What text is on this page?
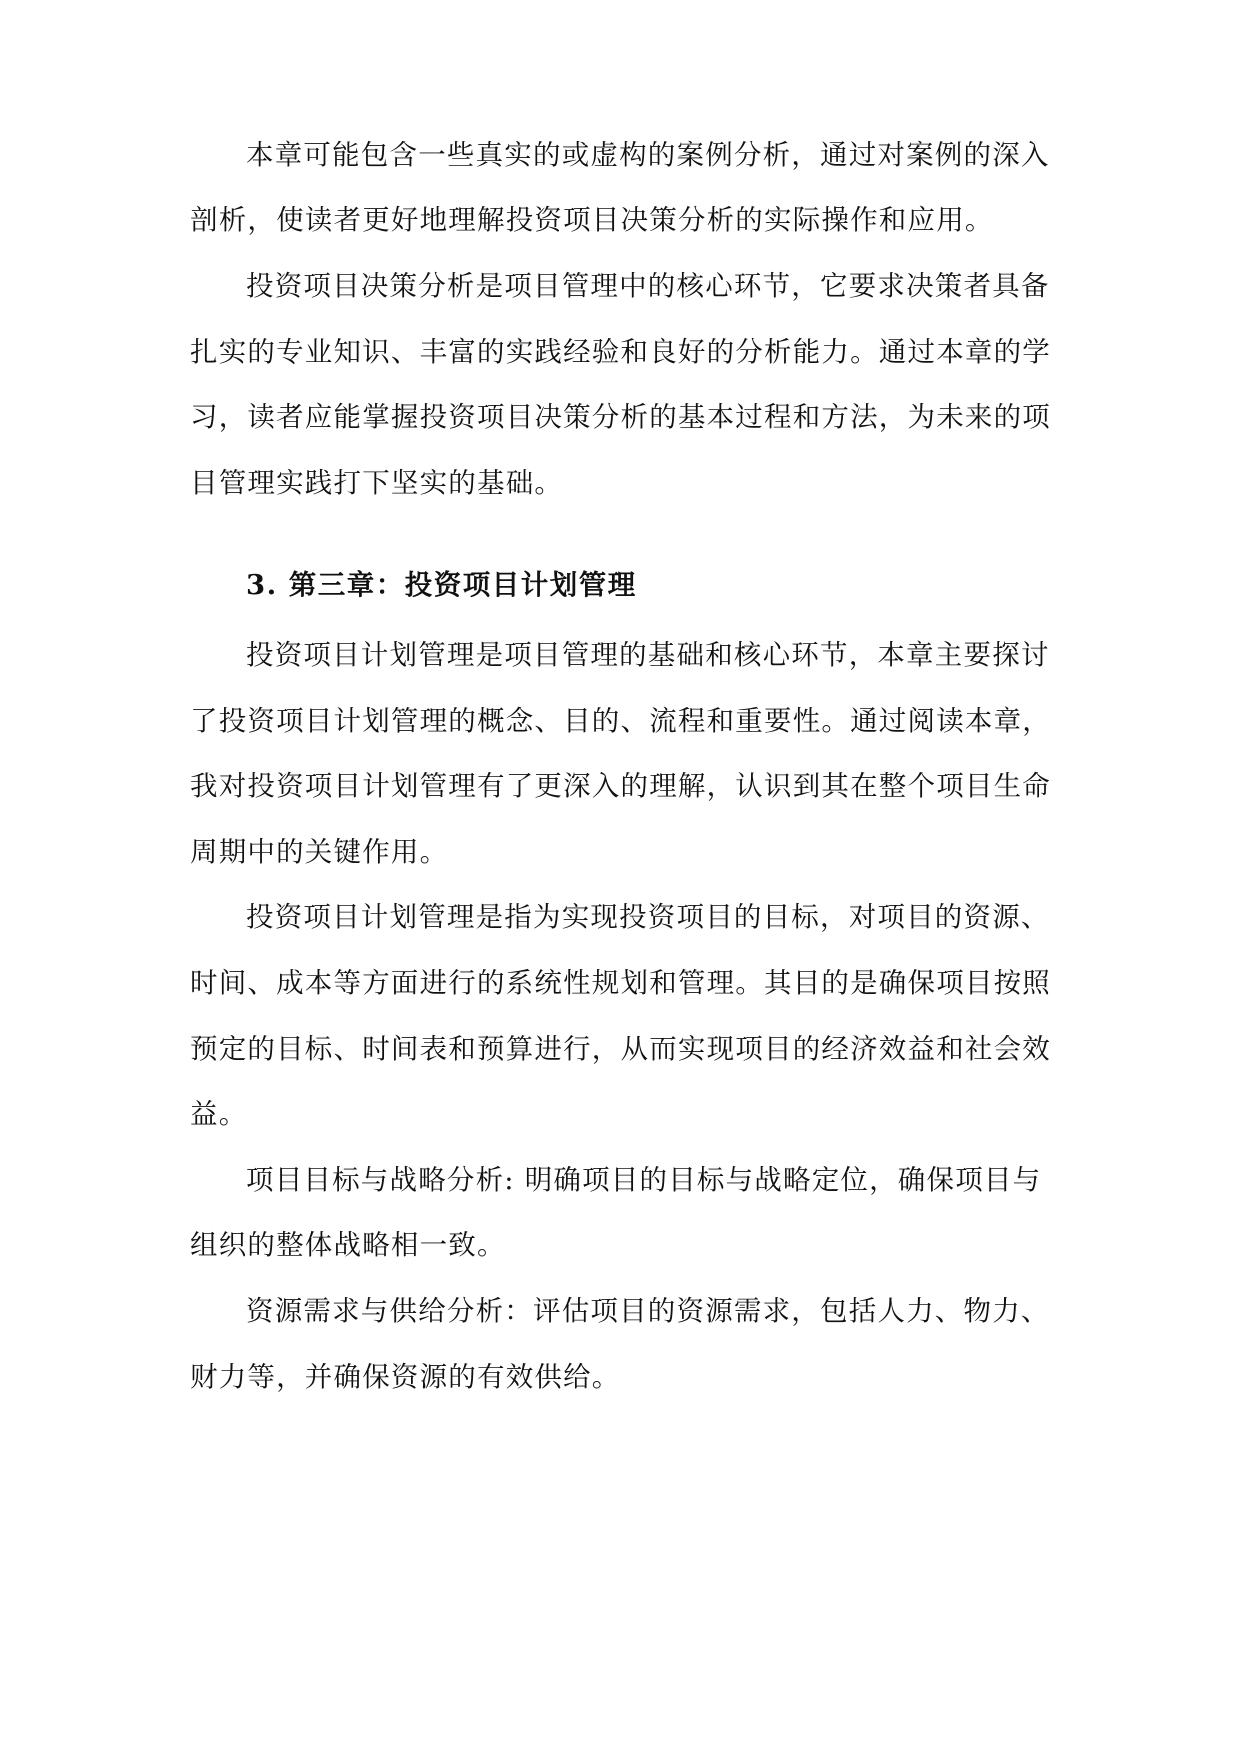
本章可能包含一些真实的或虚构的案例分析，通过对案例的深入
剖析，使读者更好地理解投资项目决策分析的实际操作和应用。
投资项目决策分析是项目管理中的核心环节，它要求决策者具备
扎实的专业知识、丰富的实践经验和良好的分析能力。通过本章的学
习，读者应能掌握投资项目决策分析的基本过程和方法，为未来的项
目管理实践打下坚实的基础。
3. 第三章：投资项目计划管理
投资项目计划管理是项目管理的基础和核心环节，本章主要探讨
了投资项目计划管理的概念、目的、流程和重要性。通过阅读本章，
我对投资项目计划管理有了更深入的理解，认识到其在整个项目生命
周期中的关键作用。
投资项目计划管理是指为实现投资项目的目标，对项目的资源、
时间、成本等方面进行的系统性规划和管理。其目的是确保项目按照
预定的目标、时间表和预算进行，从而实现项目的经济效益和社会效
益。
项目目标与战略分析: 明确项目的目标与战略定位，确保项目与
组织的整体战略相一致。
资源需求与供给分析：评估项目的资源需求，包括人力、物力、
财力等，并确保资源的有效供给。
